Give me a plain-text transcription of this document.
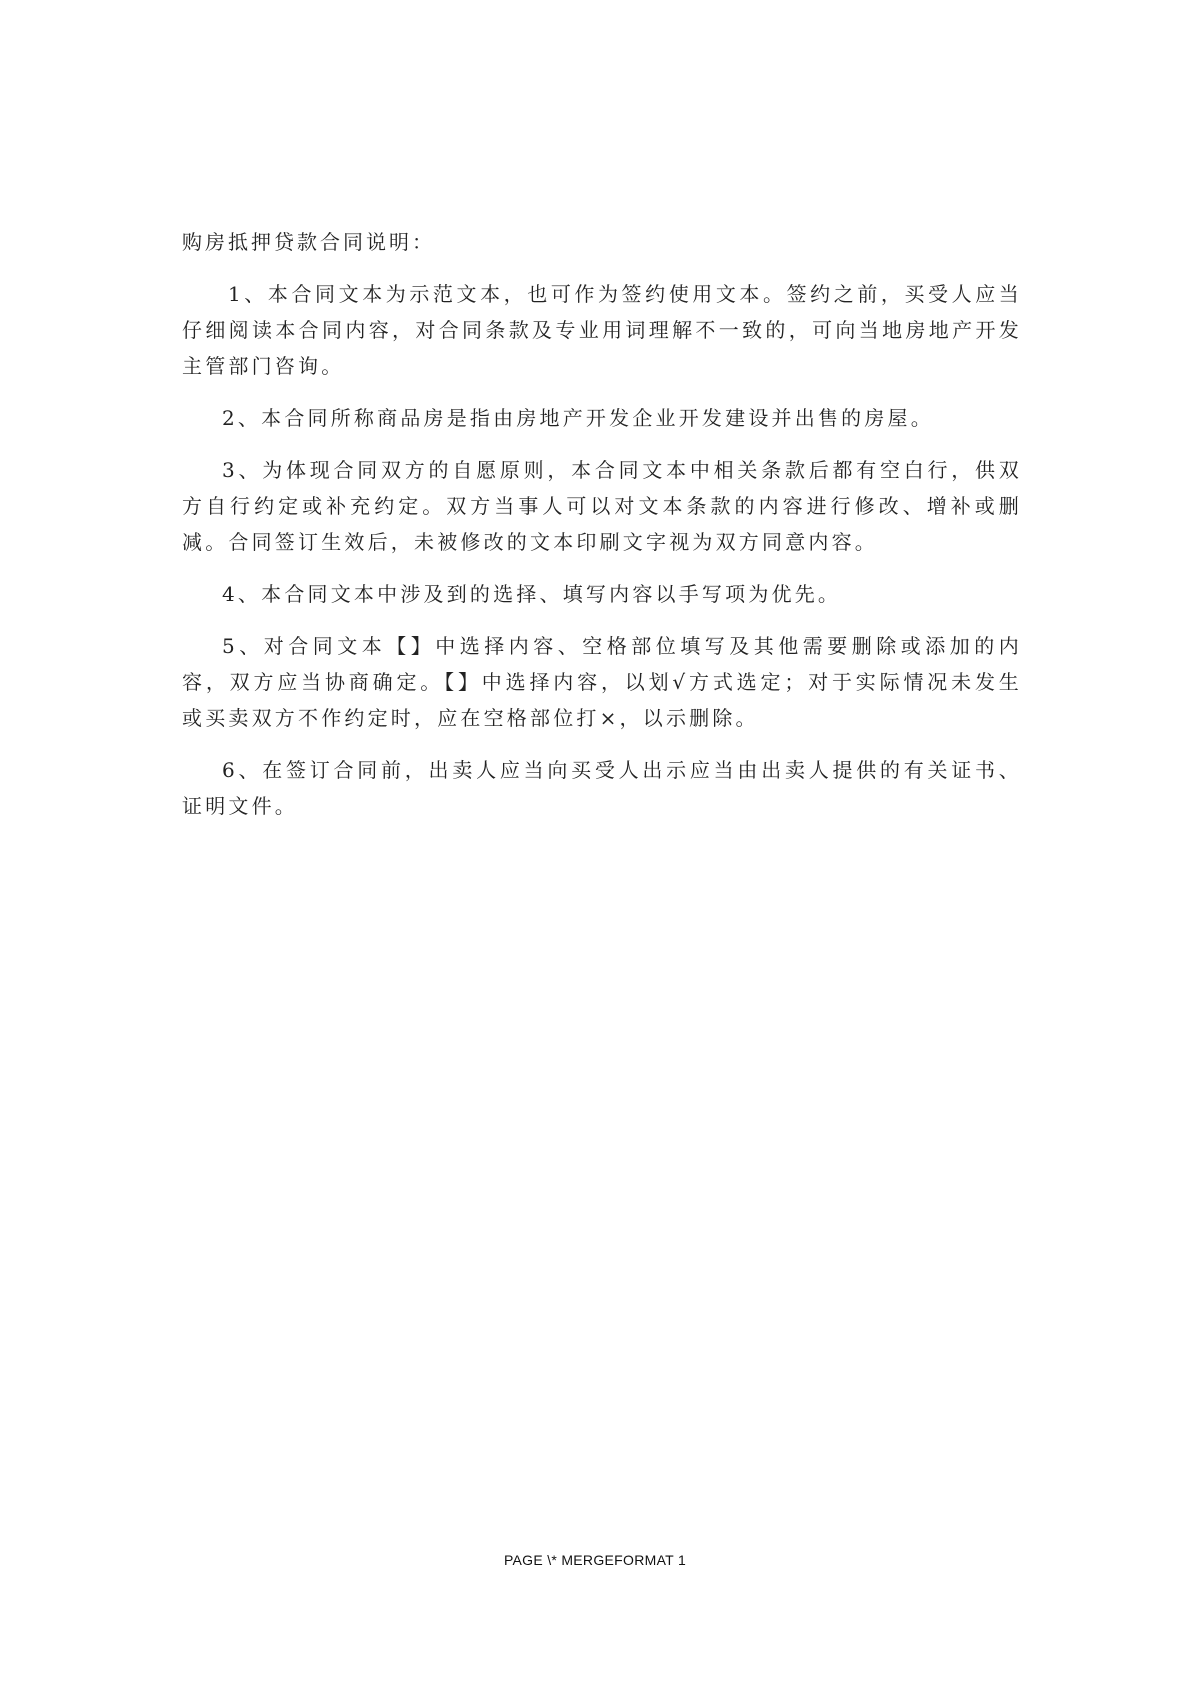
购房抵押贷款合同说明：

1、本合同文本为示范文本，也可作为签约使用文本。签约之前，买受人应当仔细阅读本合同内容，对合同条款及专业用词理解不一致的，可向当地房地产开发主管部门咨询。

2、本合同所称商品房是指由房地产开发企业开发建设并出售的房屋。

3、为体现合同双方的自愿原则，本合同文本中相关条款后都有空白行，供双方自行约定或补充约定。双方当事人可以对文本条款的内容进行修改、增补或删减。合同签订生效后，未被修改的文本印刷文字视为双方同意内容。

4、本合同文本中涉及到的选择、填写内容以手写项为优先。

5、对合同文本【】中选择内容、空格部位填写及其他需要删除或添加的内容，双方应当协商确定。【】中选择内容，以划√方式选定；对于实际情况未发生或买卖双方不作约定时，应在空格部位打×，以示删除。

6、在签订合同前，出卖人应当向买受人出示应当由出卖人提供的有关证书、证明文件。

PAGE \* MERGEFORMAT 1
